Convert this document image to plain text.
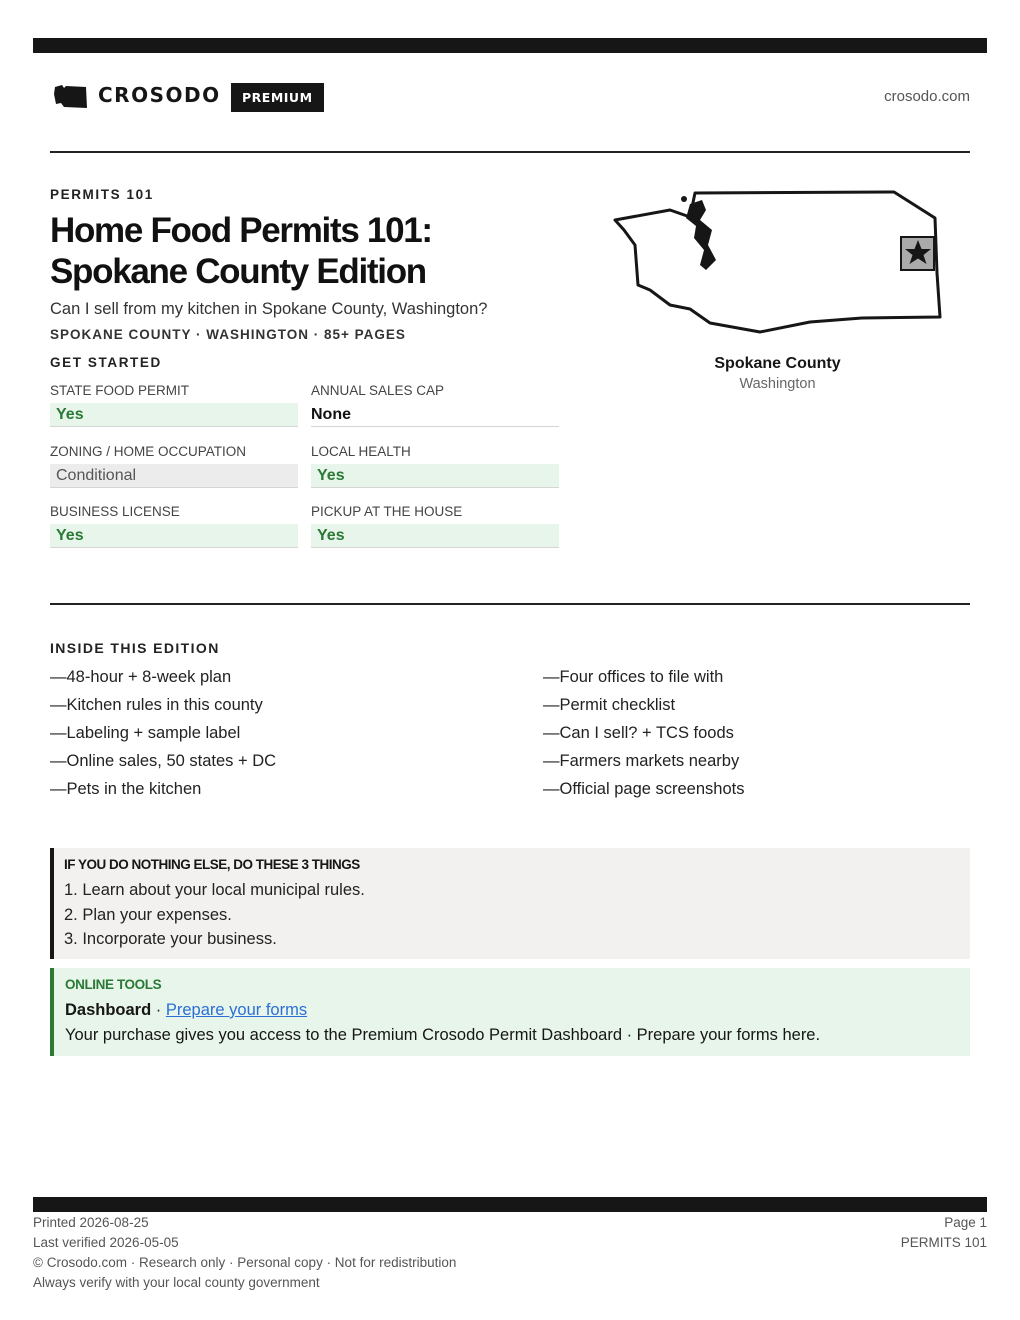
CROSODO	PREMIUM	crosodo.com
PERMITS 101
Home Food Permits 101:
Spokane County Edition
Can I sell from my kitchen in Spokane County, Washington?
SPOKANE COUNTY · WASHINGTON · 85+ PAGES
GET STARTED
STATE FOOD PERMIT
Yes
ANNUAL SALES CAP
None
ZONING / HOME OCCUPATION
Conditional
LOCAL HEALTH
Yes
BUSINESS LICENSE
Yes
PICKUP AT THE HOUSE
Yes
Spokane County
Washington
INSIDE THIS EDITION
—48-hour + 8-week plan
—Kitchen rules in this county
—Labeling + sample label
—Online sales, 50 states + DC
—Pets in the kitchen
—Four offices to file with
—Permit checklist
—Can I sell? + TCS foods
—Farmers markets nearby
—Official page screenshots
IF YOU DO NOTHING ELSE, DO THESE 3 THINGS
1. Learn about your local municipal rules.
2. Plan your expenses.
3. Incorporate your business.
ONLINE TOOLS
Dashboard · Prepare your forms
Your purchase gives you access to the Premium Crosodo Permit Dashboard · Prepare your forms here.
Printed 2026-08-25
Last verified 2026-05-05
© Crosodo.com · Research only · Personal copy · Not for redistribution
Always verify with your local county government
Page 1
PERMITS 101
